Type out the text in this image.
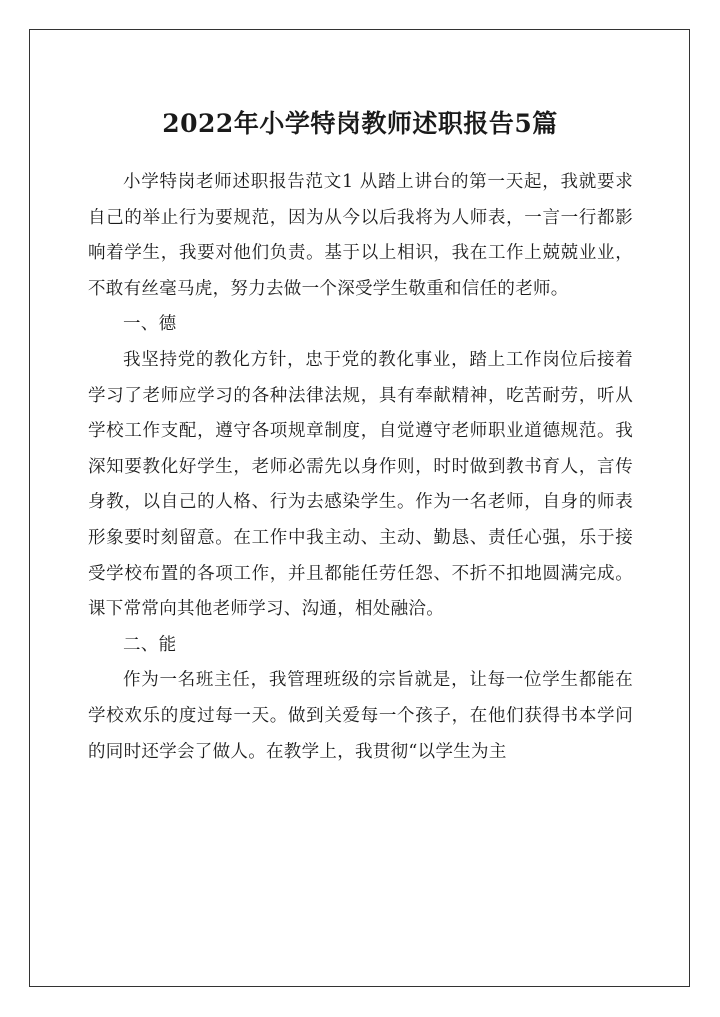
2022年小学特岗教师述职报告5篇

小学特岗老师述职报告范文1 从踏上讲台的第一天起，我就要求自己的举止行为要规范，因为从今以后我将为人师表，一言一行都影响着学生，我要对他们负责。基于以上相识，我在工作上兢兢业业，不敢有丝毫马虎，努力去做一个深受学生敬重和信任的老师。

一、德

我坚持党的教化方针，忠于党的教化事业，踏上工作岗位后接着学习了老师应学习的各种法律法规，具有奉献精神，吃苦耐劳，听从学校工作支配，遵守各项规章制度，自觉遵守老师职业道德规范。我深知要教化好学生，老师必需先以身作则，时时做到教书育人，言传身教，以自己的人格、行为去感染学生。作为一名老师，自身的师表形象要时刻留意。在工作中我主动、主动、勤恳、责任心强，乐于接受学校布置的各项工作，并且都能任劳任怨、不折不扣地圆满完成。课下常常向其他老师学习、沟通，相处融洽。

二、能

作为一名班主任，我管理班级的宗旨就是，让每一位学生都能在学校欢乐的度过每一天。做到关爱每一个孩子，在他们获得书本学问的同时还学会了做人。在教学上，我贯彻“以学生为主
